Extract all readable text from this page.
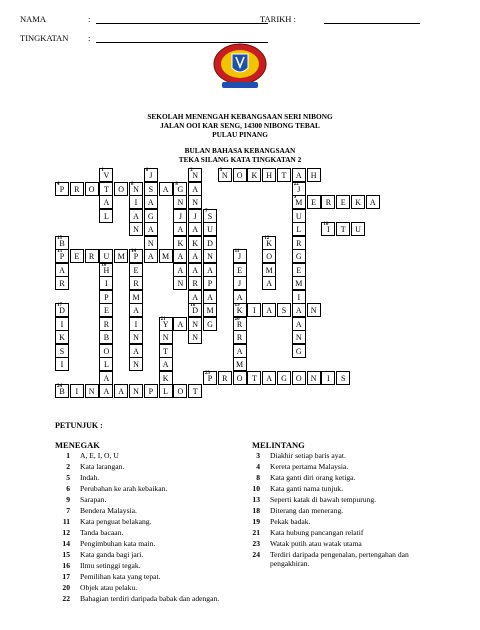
NAMA	:	TARIKH :
TINGKATAN :
SEKOLAH MENENGAH KEBANGSAAN SERI NIBONG
JALAN OOI KAR SENG, 14300 NIBONG TEBAL
PULAU PINANG
BULAN BAHASA KEBANGSAAN
TEKA SILANG KATA TINGKATAN 2
4
P	R	O	T	O
8
N	S	A
8
G	A
3
N	O	K	H	T	A	H
9
M	E	R	E	K	A
10
I	T	U
13
P	E	R	U	M
14
P	A	M	A	A	N
18
D	M
19
K	I	A	S	A	N
21
Y	A	N	G
23
P	R	O	T	A	G	O	N	I	S
24
B	I	N	A	A	N	P	L	O	T
1
V
A
L
I
A
N
6
J
A
G
A
N
N
J
A
K
A
N
2
N
N
J
A
K
A
R
A
N
7
S
U
D
A
P
A
22
J
U
L
R
G
E
M
I
A
N
G
15
B
A
R
E
R
M
A
I
N
A
N
16
H
I
P
E
R
B
O
L
A
12
K
O
M
A
11
J
E
J
A
20
R
17
D
I
K
S
I
R
A
M
N
T
A
K
PETUNJUK :
MENEGAK	MELINTANG
1 A, E, I, O, U
2 Kata larangan.
5 Indah.
6 Perubahan ke arah kebaikan.
9 Sarapan.
7 Bendera Malaysia.
11 Kata penguat belakang.
12 Tanda bacaan.
14 Pengimbuhan kata main.
15 Kata ganda bagi jari.
16 Ilmu setinggi tegak.
17 Pemilihan kata yang tepat.
20 Objek atau pelaku.
22 Bahagian terdiri daripada babak dan adengan.
3 Diakhir setiap baris ayat.
4 Kereta pertama Malaysia.
8 Kata ganti diri orang ketiga.
10 Kata ganti nama tunjuk.
13 Seperti katak di bawah tempurung.
18 Diterang dan menerang.
19 Pekak badak.
21 Kata hubung pancangan relatif
23 Watak putih atau watak utama
24 Terdiri daripada pengenalan, pertengahan dan pengakhiran.
